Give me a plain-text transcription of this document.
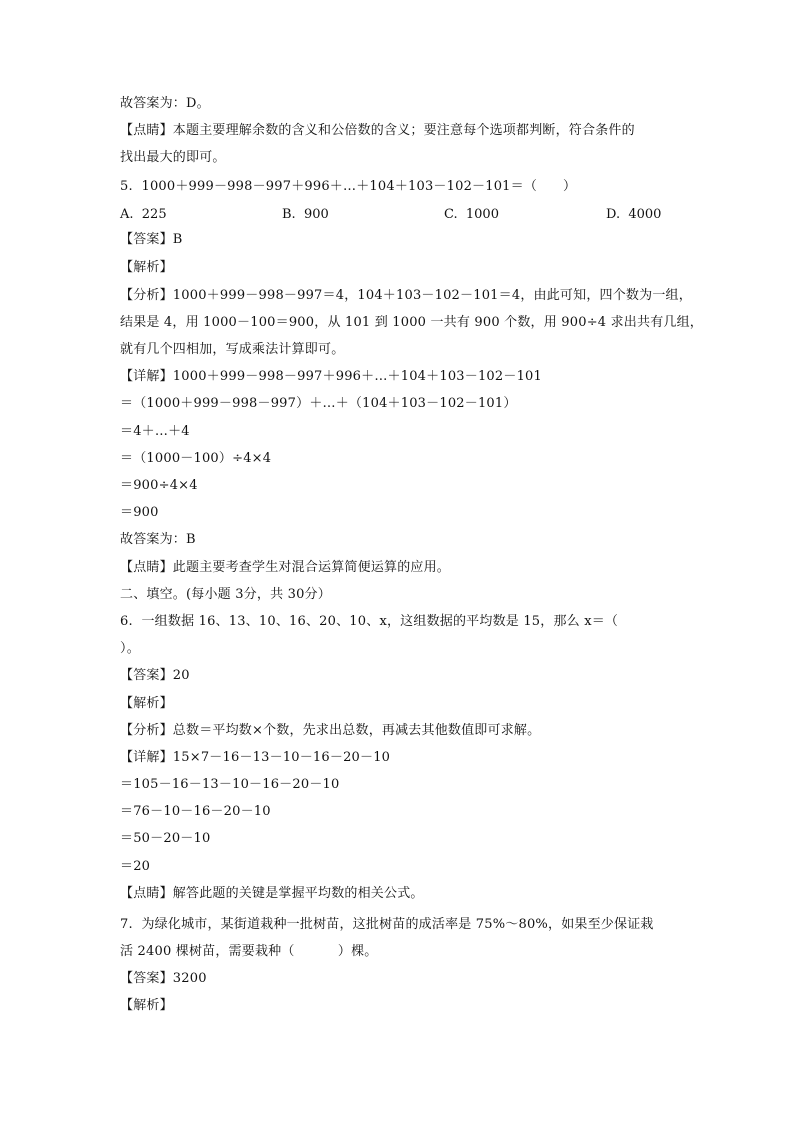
故答案为：D。
【点睛】本题主要理解余数的含义和公倍数的含义；要注意每个选项都判断，符合条件的
找出最大的即可。
5.  1000＋999－998－997＋996＋…＋104＋103－102－101＝（      ）
A.  225	B.  900	C.  1000	D.  4000
【答案】B
【解析】
【分析】1000＋999－998－997＝4，104＋103－102－101＝4，由此可知，四个数为一组，
结果是 4，用 1000－100＝900，从 101 到 1000 一共有 900 个数，用 900÷4 求出共有几组，
就有几个四相加，写成乘法计算即可。
【详解】1000＋999－998－997＋996＋…＋104＋103－102－101
＝（1000＋999－998－997）＋…＋（104＋103－102－101）
＝4＋…＋4
＝（1000－100）÷4×4
＝900÷4×4
＝900
故答案为：B
【点睛】此题主要考查学生对混合运算简便运算的应用。
二、填空。(每小题 3分，共 30分）
6.  一组数据 16、13、10、16、20、10、x，这组数据的平均数是 15，那么 x＝（
）。
【答案】20
【解析】
【分析】总数＝平均数×个数，先求出总数，再减去其他数值即可求解。
【详解】15×7－16－13－10－16－20－10
＝105－16－13－10－16－20－10
＝76－10－16－20－10
＝50－20－10
＝20
【点睛】解答此题的关键是掌握平均数的相关公式。
7.  为绿化城市，某街道栽种一批树苗，这批树苗的成活率是 75%～80%，如果至少保证栽
活 2400 棵树苗，需要栽种（          ）棵。
【答案】3200
【解析】
